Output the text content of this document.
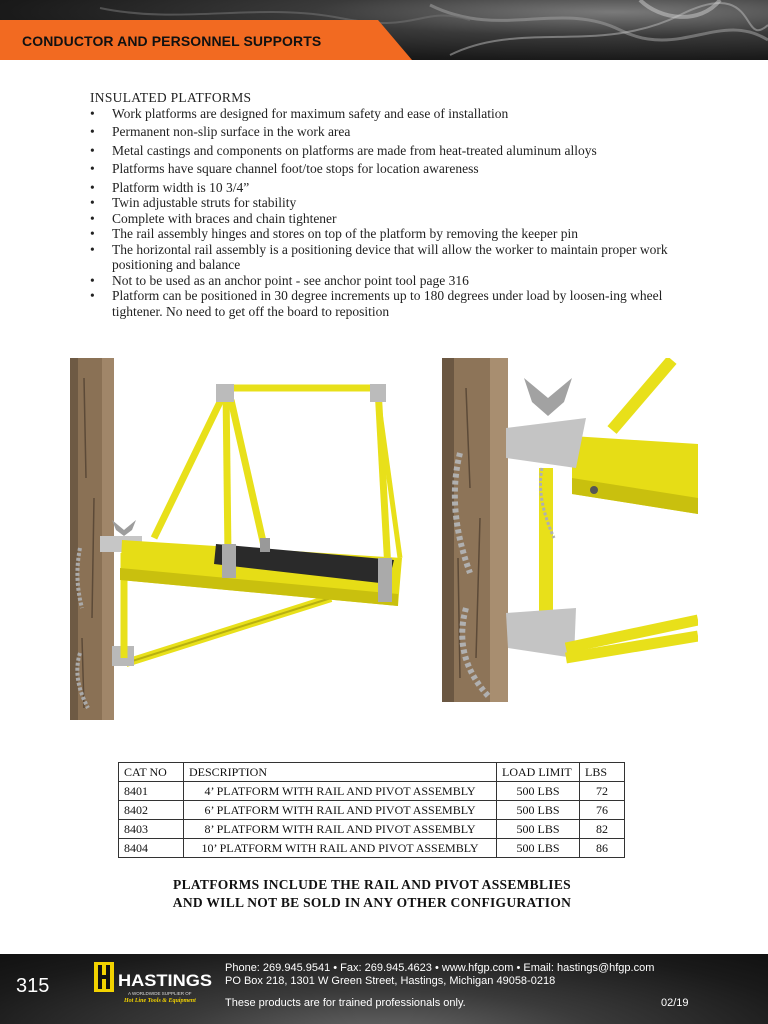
CONDUCTOR AND PERSONNEL SUPPORTS
INSULATED PLATFORMS
• Work platforms are designed for maximum safety and ease of installation
• Permanent non-slip surface in the work area
• Metal castings and components on platforms are made from heat-treated aluminum alloys
• Platforms have square channel foot/toe stops for location awareness
• Platform width is 10 3/4”
• Twin adjustable struts for stability
• Complete with braces and chain tightener
• The rail assembly hinges and stores on top of the platform by removing the keeper pin
• The horizontal rail assembly is a positioning device that will allow the worker to maintain proper work positioning and balance
• Not to be used as an anchor point - see anchor point tool page 316
• Platform can be positioned in 30 degree increments up to 180 degrees under load by loosen-ing wheel tightener. No need to get off the board to reposition
CAT NO	DESCRIPTION	LOAD LIMIT	LBS
8401	4’ PLATFORM WITH RAIL AND PIVOT ASSEMBLY	500 LBS	72
8402	6’ PLATFORM WITH RAIL AND PIVOT ASSEMBLY	500 LBS	76
8403	8’ PLATFORM WITH RAIL AND PIVOT ASSEMBLY	500 LBS	82
8404	10’ PLATFORM WITH RAIL AND PIVOT ASSEMBLY	500 LBS	86
PLATFORMS INCLUDE THE RAIL AND PIVOT ASSEMBLIES
AND WILL NOT BE SOLD IN ANY OTHER CONFIGURATION
315	HASTINGS
A WORLDWIDE SUPPLIER OF
Hot Line Tools & Equipment
Phone: 269.945.9541 • Fax: 269.945.4623 • www.hfgp.com • Email: hastings@hfgp.com
PO Box 218, 1301 W Green Street, Hastings, Michigan 49058-0218
These products are for trained professionals only.	02/19
